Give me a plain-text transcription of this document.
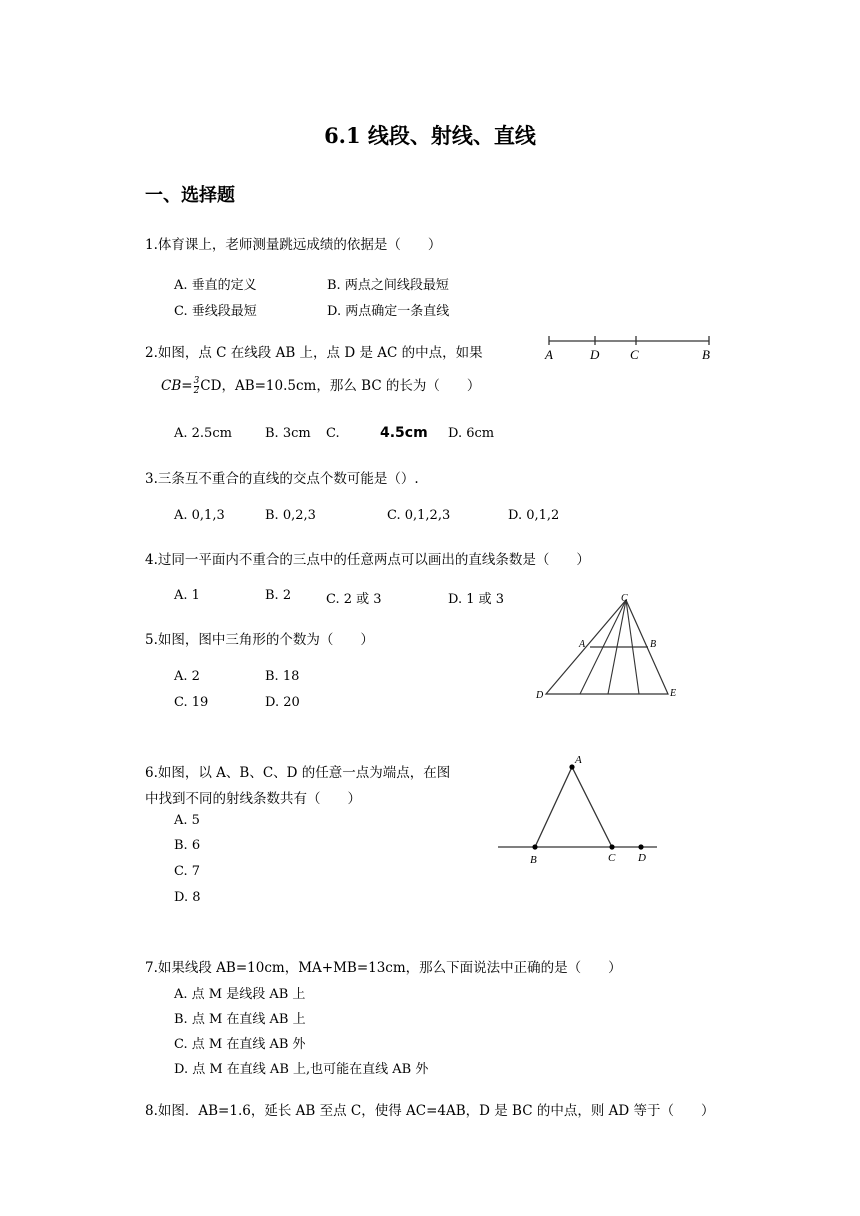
6.1 线段、射线、直线
一、选择题
1.体育课上，老师测量跳远成绩的依据是（　　）
A. 垂直的定义	B. 两点之间线段最短
C. 垂线段最短	D. 两点确定一条直线
2.如图，点 C 在线段 AB 上，点 D 是 AC 的中点，如果
$CB= \frac{3}{2}$ CD，AB=10.5cm，那么 BC 的长为（　　）
A. 2.5cm	B. 3cm C.	4.5cm D. 6cm
A	D C	B
3.三条互不重合的直线的交点个数可能是（）.
A. 0,1,3	B. 0,2,3	C. 0,1,2,3	D. 0,1,2
4.过同一平面内不重合的三点中的任意两点可以画出的直线条数是（　　）
A. 1	B. 2	C. 2 或 3	D. 1 或 3
5.如图，图中三角形的个数为（　　）
A. 2	B. 18
C. 19	D. 20
C
A	B
D	E
6.如图，以 A、B、C、D 的任意一点为端点，在图
中找到不同的射线条数共有（　　）
A. 5
B. 6
C. 7
D. 8
A
B	C D
7.如果线段 AB=10cm，MA+MB=13cm，那么下面说法中正确的是（　　）
A. 点 M 是线段 AB 上
B. 点 M 在直线 AB 上
C. 点 M 在直线 AB 外
D. 点 M 在直线 AB 上,也可能在直线 AB 外
8.如图．AB=1.6，延长 AB 至点 C，使得 AC=4AB，D 是 BC 的中点，则 AD 等于（　　）
